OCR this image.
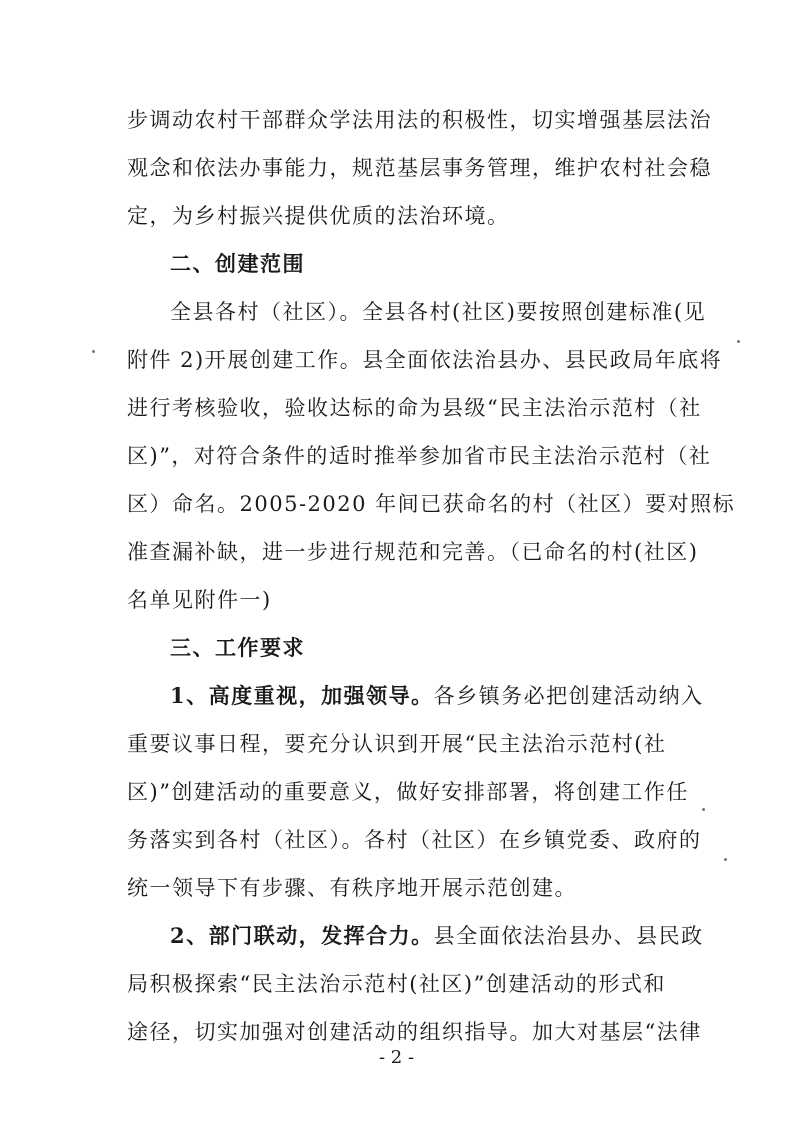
步调动农村干部群众学法用法的积极性，切实增强基层法治
观念和依法办事能力，规范基层事务管理，维护农村社会稳
定，为乡村振兴提供优质的法治环境。
二、创建范围
全县各村（社区）。全县各村(社区)要按照创建标准(见
附件 2)开展创建工作。县全面依法治县办、县民政局年底将
进行考核验收，验收达标的命为县级“民主法治示范村（社
区)”，对符合条件的适时推举参加省市民主法治示范村（社
区）命名。2005-2020 年间已获命名的村（社区）要对照标
准查漏补缺，进一步进行规范和完善。（已命名的村(社区)
名单见附件一)
三、工作要求
1、高度重视，加强领导。各乡镇务必把创建活动纳入
重要议事日程，要充分认识到开展“民主法治示范村(社
区)”创建活动的重要意义，做好安排部署，将创建工作任
务落实到各村（社区）。各村（社区）在乡镇党委、政府的
统一领导下有步骤、有秩序地开展示范创建。
2、部门联动，发挥合力。县全面依法治县办、县民政
局积极探索“民主法治示范村(社区)”创建活动的形式和
途径，切实加强对创建活动的组织指导。加大对基层“法律
- 2 -
